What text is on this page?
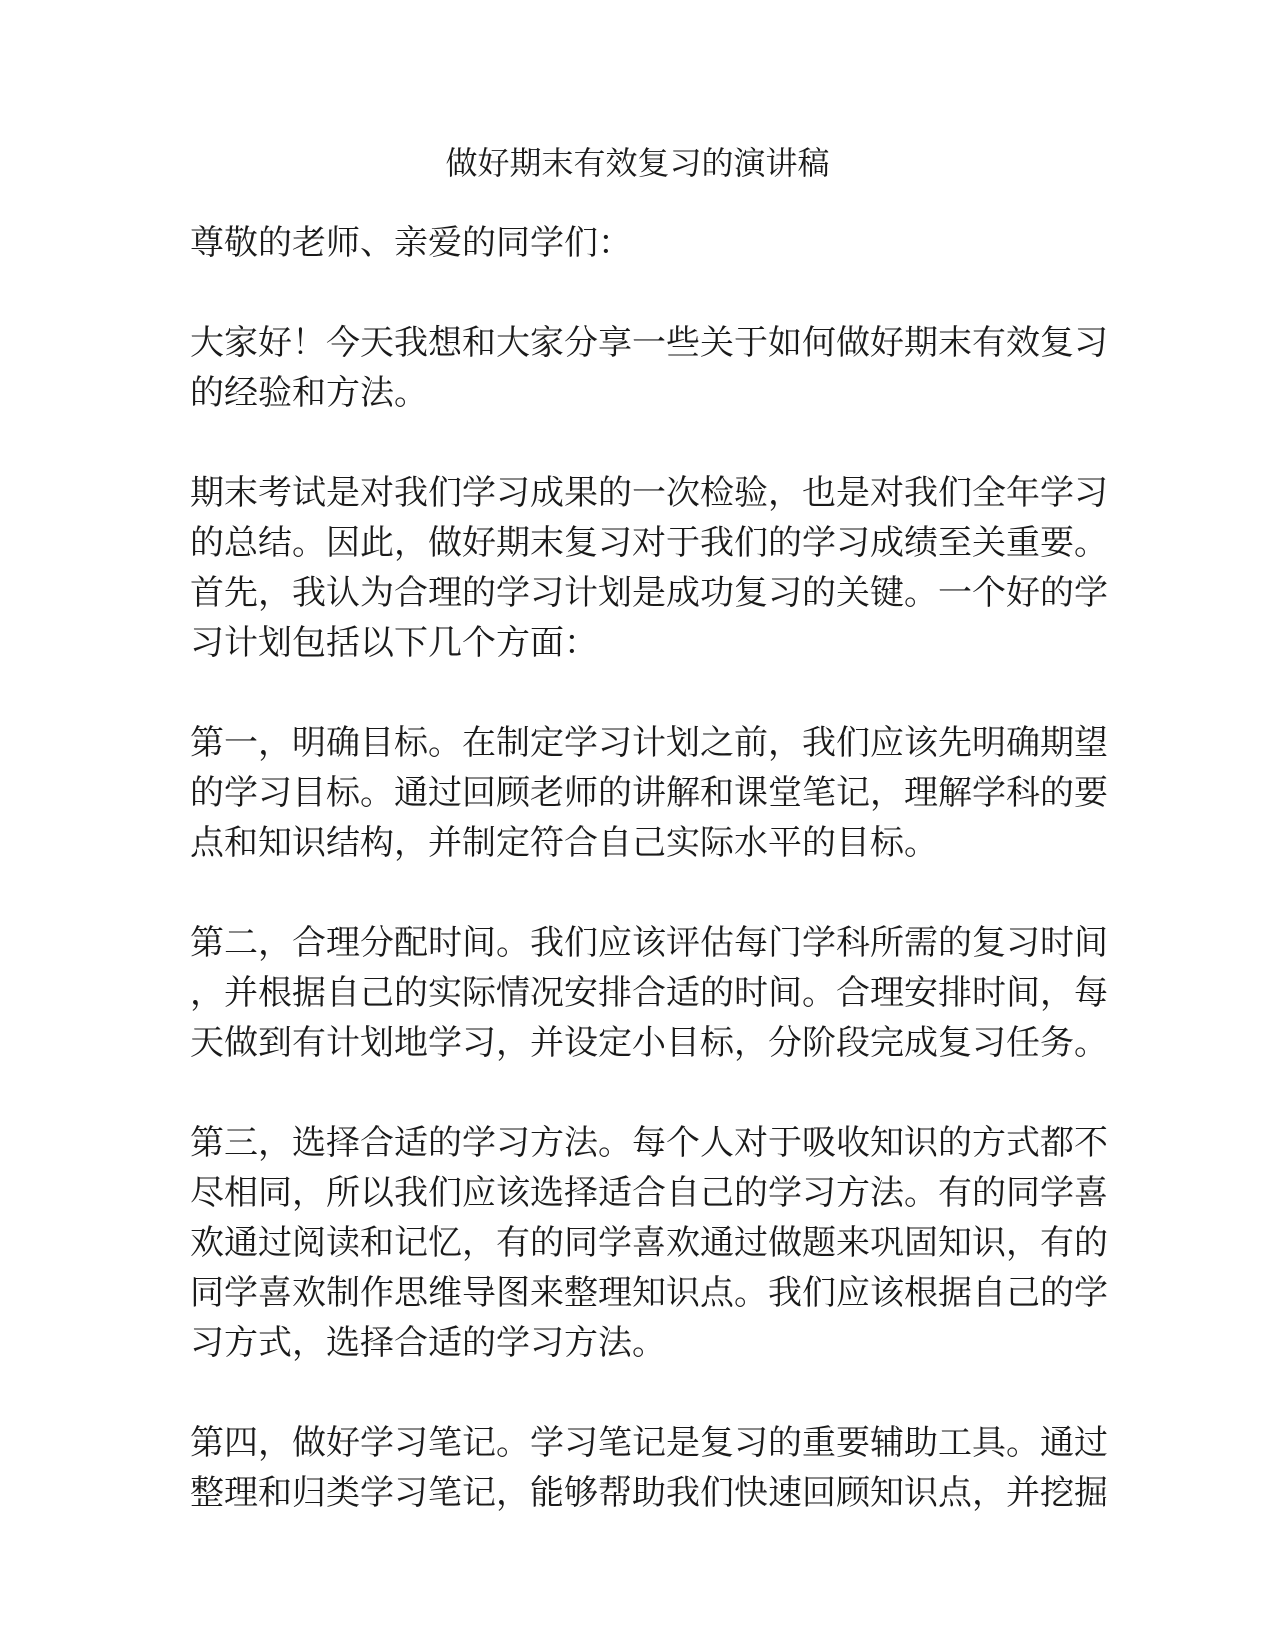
做好期末有效复习的演讲稿

尊敬的老师、亲爱的同学们：

大家好！今天我想和大家分享一些关于如何做好期末有效复习
的经验和方法。

期末考试是对我们学习成果的一次检验，也是对我们全年学习
的总结。因此，做好期末复习对于我们的学习成绩至关重要。
首先，我认为合理的学习计划是成功复习的关键。一个好的学
习计划包括以下几个方面：

第一，明确目标。在制定学习计划之前，我们应该先明确期望
的学习目标。通过回顾老师的讲解和课堂笔记，理解学科的要
点和知识结构，并制定符合自己实际水平的目标。

第二，合理分配时间。我们应该评估每门学科所需的复习时间
，并根据自己的实际情况安排合适的时间。合理安排时间，每
天做到有计划地学习，并设定小目标，分阶段完成复习任务。

第三，选择合适的学习方法。每个人对于吸收知识的方式都不
尽相同，所以我们应该选择适合自己的学习方法。有的同学喜
欢通过阅读和记忆，有的同学喜欢通过做题来巩固知识，有的
同学喜欢制作思维导图来整理知识点。我们应该根据自己的学
习方式，选择合适的学习方法。

第四，做好学习笔记。学习笔记是复习的重要辅助工具。通过
整理和归类学习笔记，能够帮助我们快速回顾知识点，并挖掘
